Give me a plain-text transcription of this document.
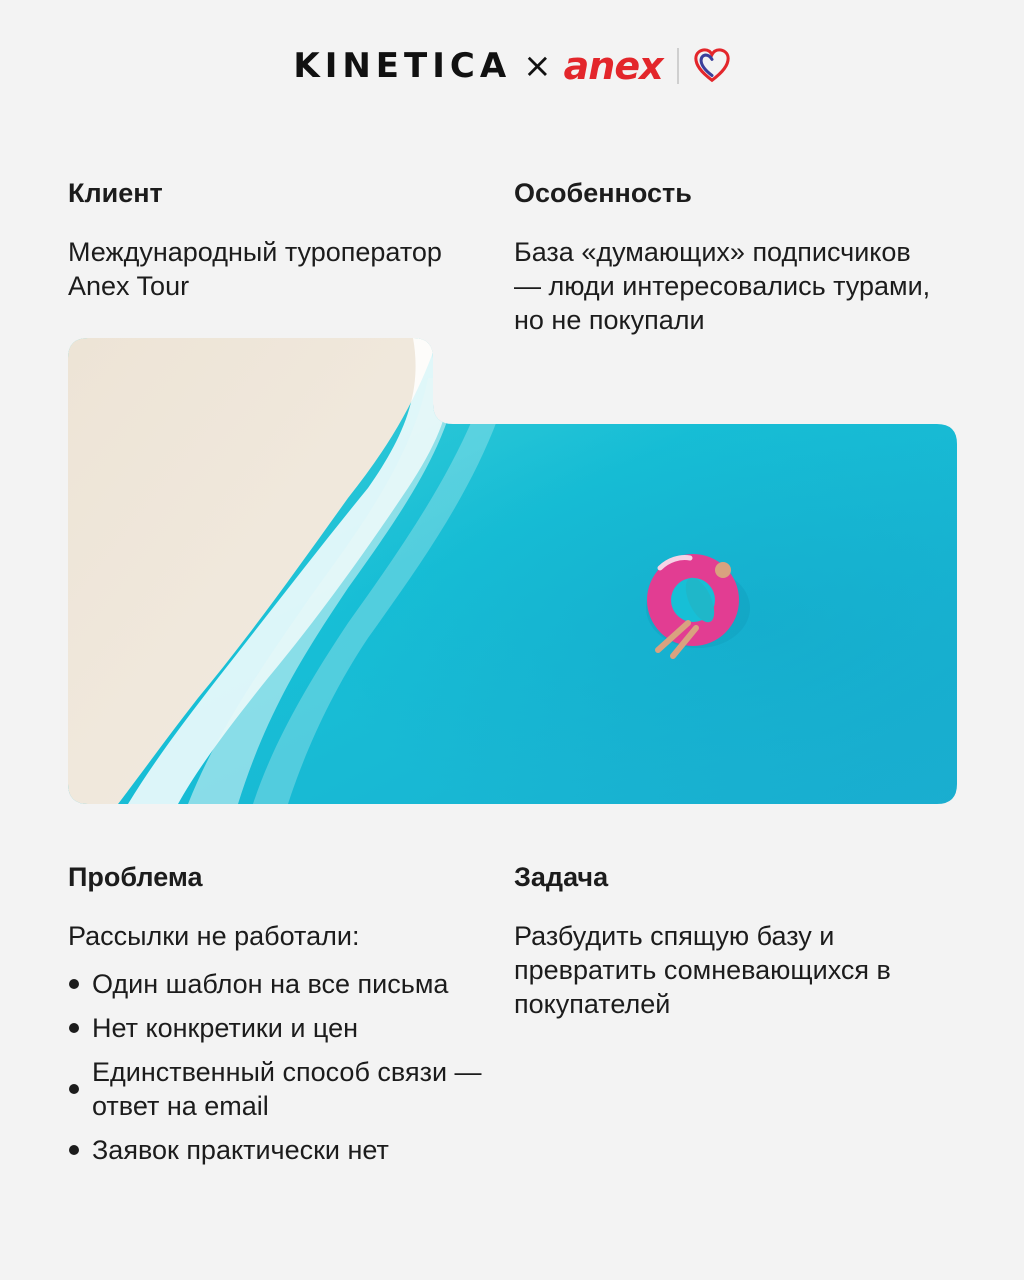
KINETICA × anex
Клиент

Международный туроператор Anex Tour

Особенность

База «думающих» подписчиков — люди интересовались турами, но не покупали

Проблема

Рассылки не работали:

Один шаблон на все письма
Нет конкретики и цен
Единственный способ связи — ответ на email
Заявок практически нет
Задача

Разбудить спящую базу и превратить сомневающихся в покупателей
